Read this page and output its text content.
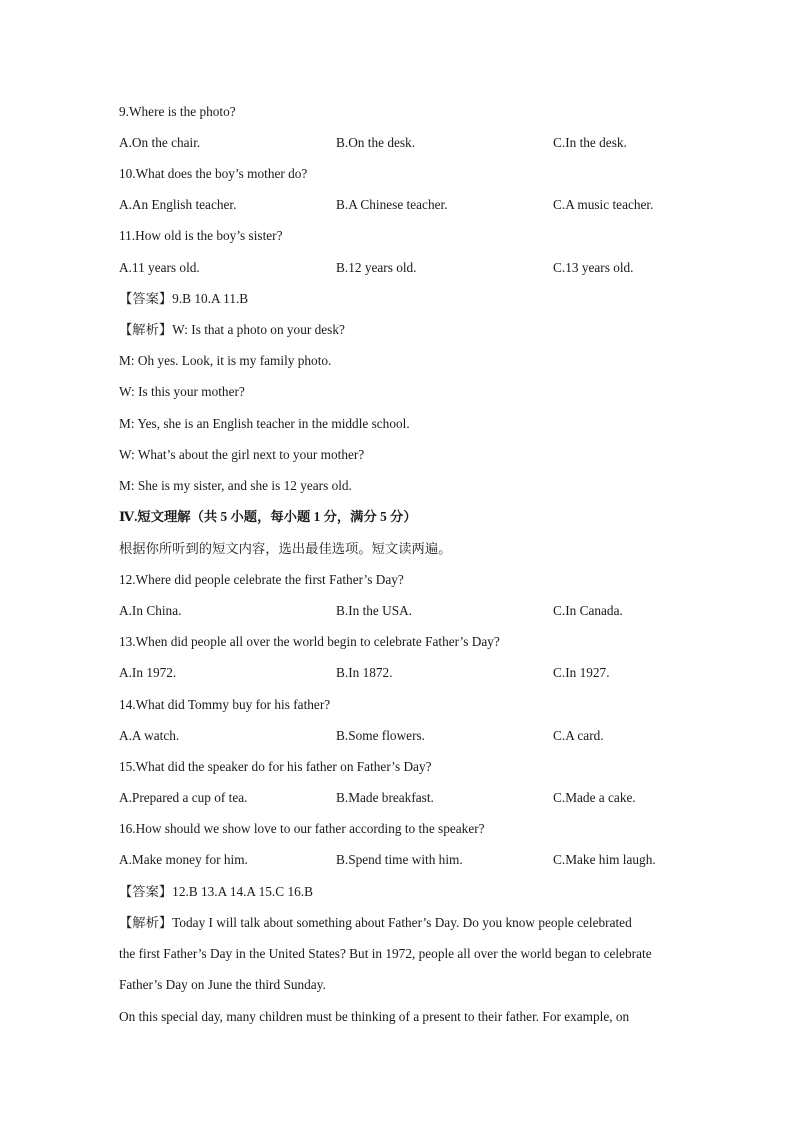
9.Where is the photo?
A.On the chair.	B.On the desk.	C.In the desk.
10.What does the boy’s mother do?
A.An English teacher.	B.A Chinese teacher.	C.A music teacher.
11.How old is the boy’s sister?
A.11 years old.	B.12 years old.	C.13 years old.
【答案】9.B 10.A 11.B
【解析】W: Is that a photo on your desk?
M: Oh yes. Look, it is my family photo.
W: Is this your mother?
M: Yes, she is an English teacher in the middle school.
W: What’s about the girl next to your mother?
M: She is my sister, and she is 12 years old.
Ⅳ.短文理解（共 5 小题，每小题 1 分，满分 5 分）
根据你所听到的短文内容，选出最佳选项。短文读两遍。
12.Where did people celebrate the first Father’s Day?
A.In China.	B.In the USA.	C.In Canada.
13.When did people all over the world begin to celebrate Father’s Day?
A.In 1972.	B.In 1872.	C.In 1927.
14.What did Tommy buy for his father?
A.A watch.	B.Some flowers.	C.A card.
15.What did the speaker do for his father on Father’s Day?
A.Prepared a cup of tea.	B.Made breakfast.	C.Made a cake.
16.How should we show love to our father according to the speaker?
A.Make money for him.	B.Spend time with him.	C.Make him laugh.
【答案】12.B 13.A 14.A 15.C 16.B
【解析】Today I will talk about something about Father’s Day. Do you know people celebrated
the first Father’s Day in the United States? But in 1972, people all over the world began to celebrate
Father’s Day on June the third Sunday.
On this special day, many children must be thinking of a present to their father. For example, on
